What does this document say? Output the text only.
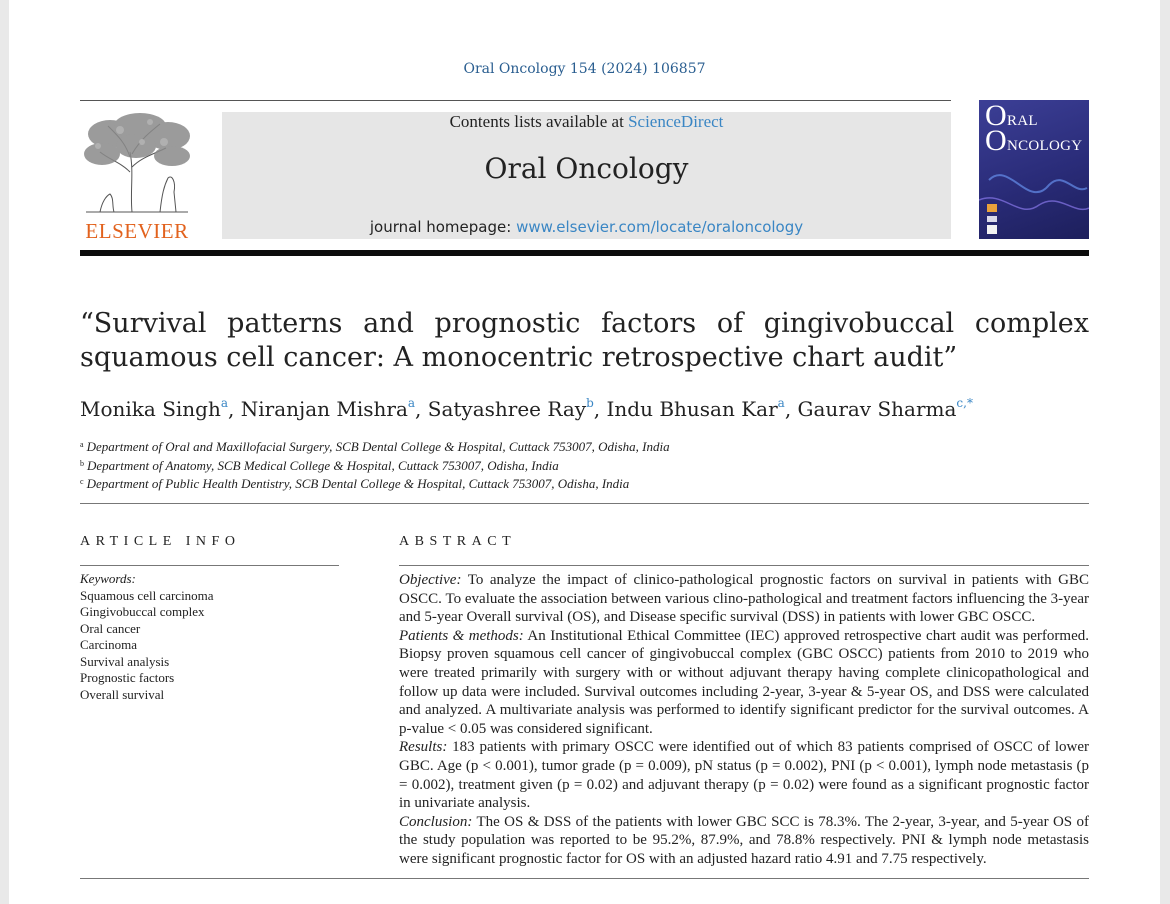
Oral Oncology 154 (2024) 106857
ELSEVIER
Contents lists available at ScienceDirect
Oral Oncology
journal homepage: www.elsevier.com/locate/oraloncology
ORAL
ONCOLOGY
“Survival patterns and prognostic factors of gingivobuccal complex squamous cell cancer: A monocentric retrospective chart audit”
Monika Singh$^a$, Niranjan Mishra$^a$, Satyashree Ray$^b$, Indu Bhusan Kar$^a$, Gaurav Sharma$^{c,*}$
$^a$ Department of Oral and Maxillofacial Surgery, SCB Dental College & Hospital, Cuttack 753007, Odisha, India
$^b$ Department of Anatomy, SCB Medical College & Hospital, Cuttack 753007, Odisha, India
$^c$ Department of Public Health Dentistry, SCB Dental College & Hospital, Cuttack 753007, Odisha, India
ARTICLE INFO
Keywords:
Squamous cell carcinoma
Gingivobuccal complex
Oral cancer
Carcinoma
Survival analysis
Prognostic factors
Overall survival
ABSTRACT

Objective: To analyze the impact of clinico-pathological prognostic factors on survival in patients with GBC OSCC. To evaluate the association between various clino-pathological and treatment factors influencing the 3-year and 5-year Overall survival (OS), and Disease specific survival (DSS) in patients with lower GBC OSCC.

Patients & methods: An Institutional Ethical Committee (IEC) approved retrospective chart audit was performed. Biopsy proven squamous cell cancer of gingivobuccal complex (GBC OSCC) patients from 2010 to 2019 who were treated primarily with surgery with or without adjuvant therapy having complete clinicopathological and follow up data were included. Survival outcomes including 2-year, 3-year & 5-year OS, and DSS were calculated and analyzed. A multivariate analysis was performed to identify significant predictor for the survival outcomes. A p-value < 0.05 was considered significant.

Results: 183 patients with primary OSCC were identified out of which 83 patients comprised of OSCC of lower GBC. Age (p < 0.001), tumor grade (p = 0.009), pN status (p = 0.002), PNI (p < 0.001), lymph node metastasis (p = 0.002), treatment given (p = 0.02) and adjuvant therapy (p = 0.02) were found as a significant prognostic factor in univariate analysis.

Conclusion: The OS & DSS of the patients with lower GBC SCC is 78.3%. The 2-year, 3-year, and 5-year OS of the study population was reported to be 95.2%, 87.9%, and 78.8% respectively. PNI & lymph node metastasis were significant prognostic factor for OS with an adjusted hazard ratio 4.91 and 7.75 respectively.
